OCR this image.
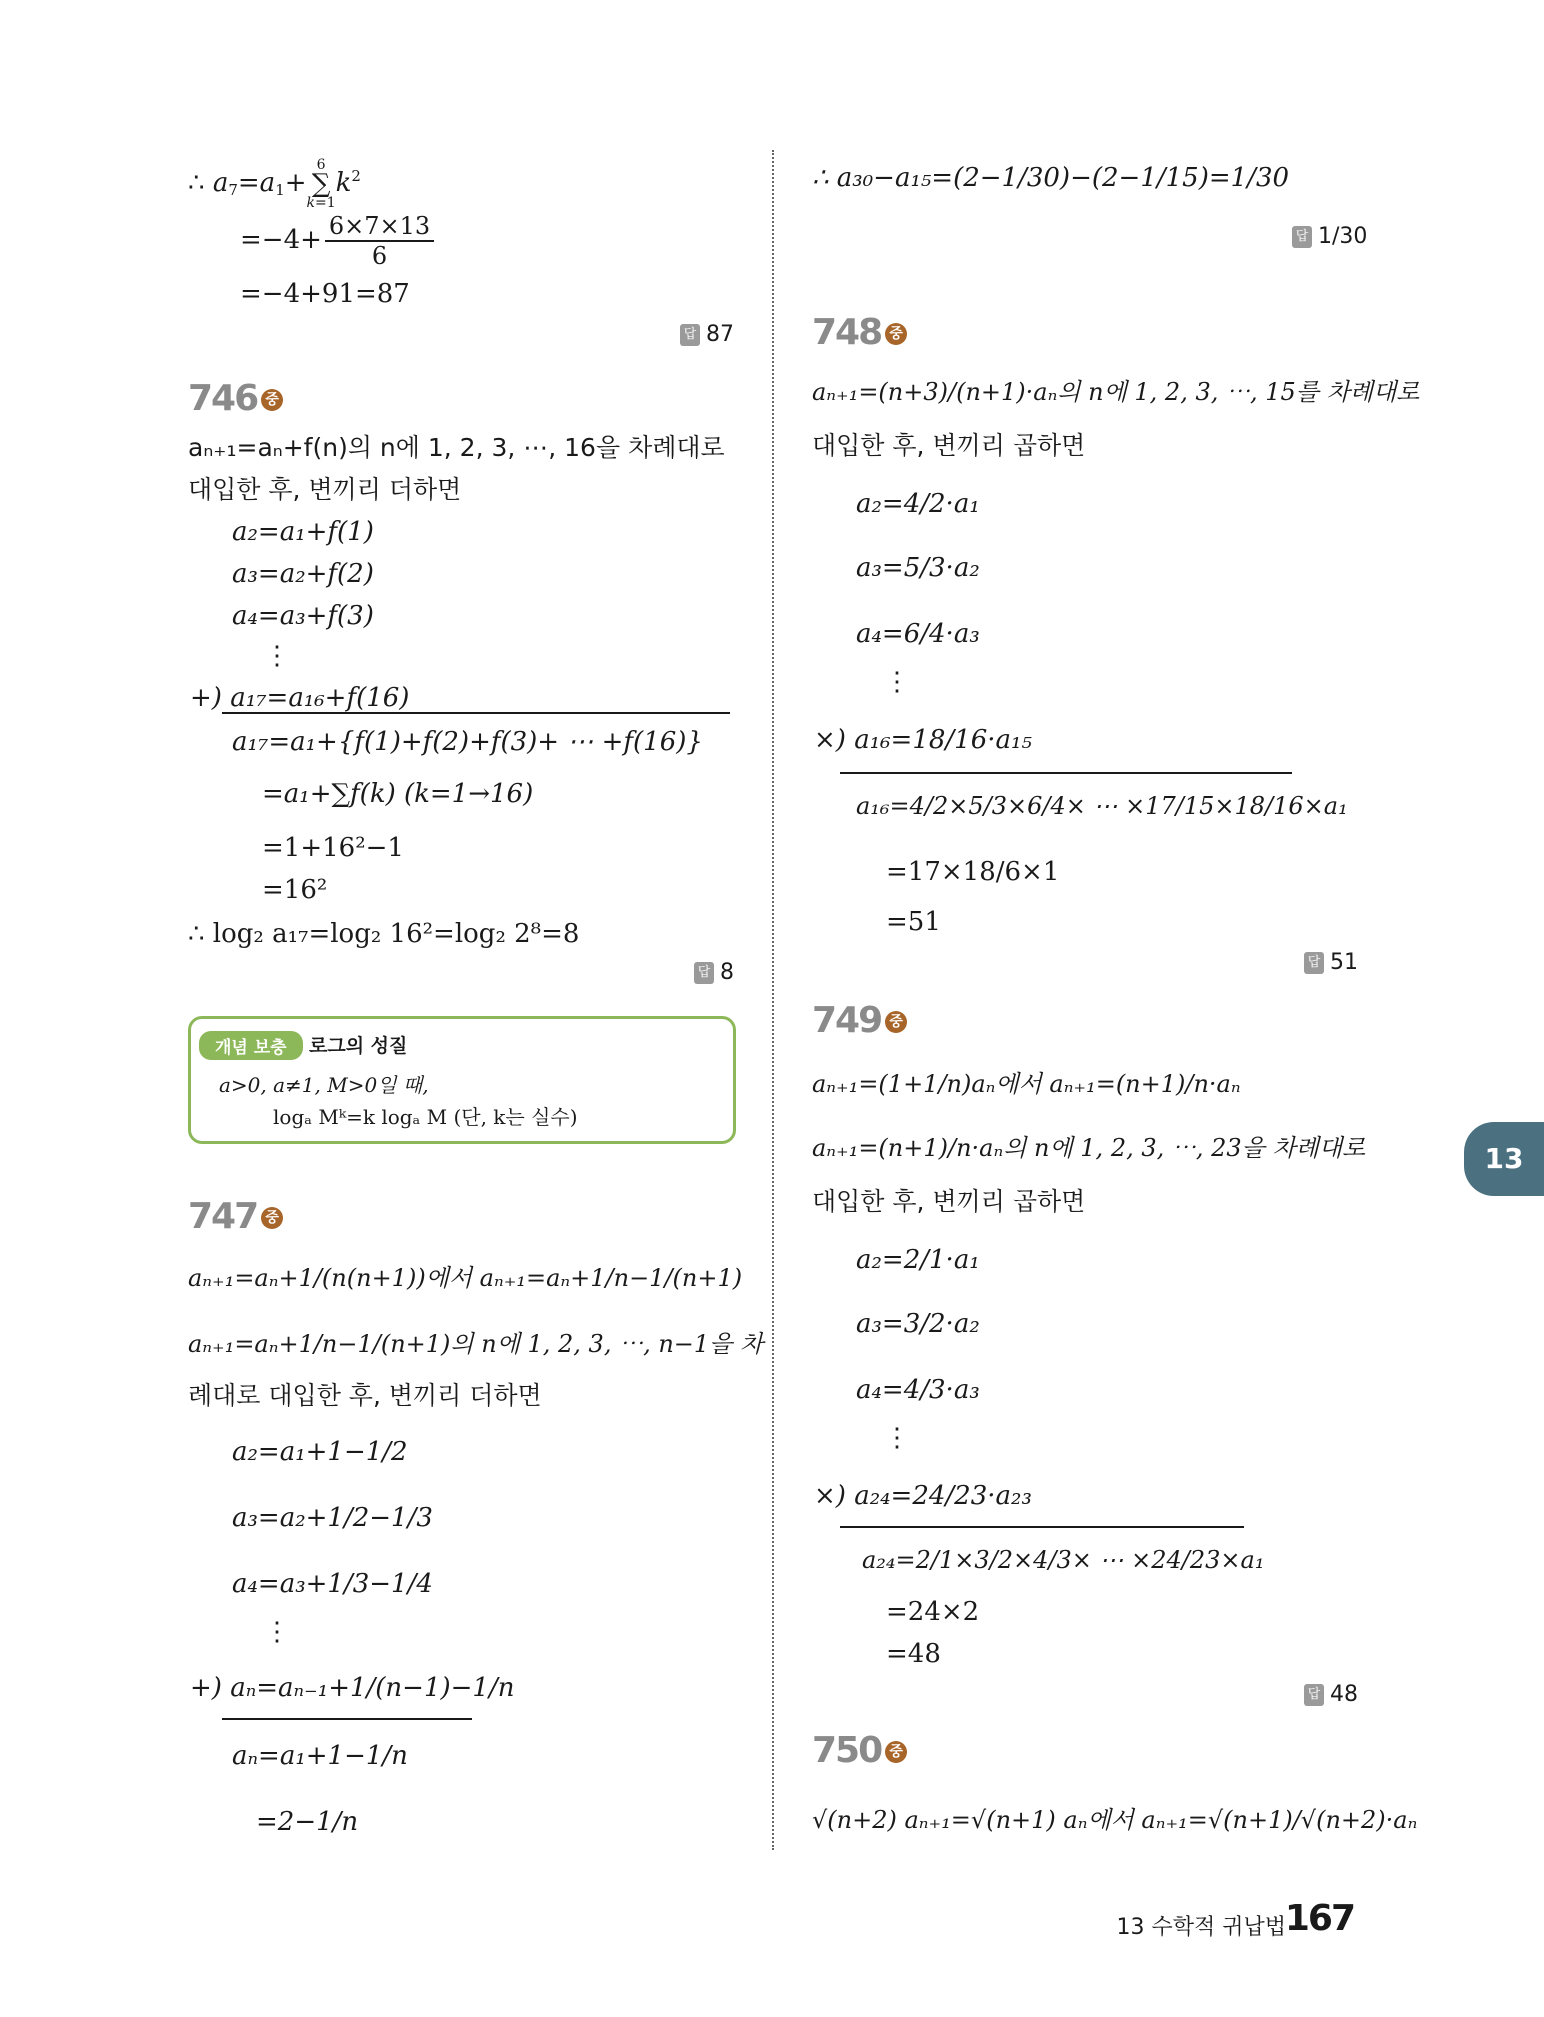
∴ $a_7=a_1+$
6
∑
k=1
$k^2$
$=-4+ \frac{6\times 7\times 13}{6}$
=−4+91=87
답 87
746 중
aₙ₊₁=aₙ+f(n)의 n에 1, 2, 3, ⋯, 16을 차례대로
대입한 후, 변끼리 더하면
a₂=a₁+f(1)
a₃=a₂+f(2)
a₄=a₃+f(3)
⋮
+) a₁₇=a₁₆+f(16)
a₁₇=a₁+{f(1)+f(2)+f(3)+ ⋯ +f(16)}
=a₁+∑f(k) (k=1→16)
=1+16²−1
=16²
∴ log₂ a₁₇=log₂ 16²=log₂ 2⁸=8
답 8
개념 보충	로그의 성질
a>0, a≠1, M>0일 때,
logₐ Mᵏ=k logₐ M (단, k는 실수)
747 중
aₙ₊₁=aₙ+1/(n(n+1))에서 aₙ₊₁=aₙ+1/n−1/(n+1)
aₙ₊₁=aₙ+1/n−1/(n+1)의 n에 1, 2, 3, ⋯, n−1을 차
례대로 대입한 후, 변끼리 더하면
a₂=a₁+1−1/2
a₃=a₂+1/2−1/3
a₄=a₃+1/3−1/4
⋮
+) aₙ=aₙ₋₁+1/(n−1)−1/n
aₙ=a₁+1−1/n
=2−1/n
∴ a₃₀−a₁₅=(2−1/30)−(2−1/15)=1/30
답 1/30
748 중
aₙ₊₁=(n+3)/(n+1)·aₙ의 n에 1, 2, 3, ⋯, 15를 차례대로
대입한 후, 변끼리 곱하면
a₂=4/2·a₁
a₃=5/3·a₂
a₄=6/4·a₃
⋮
×) a₁₆=18/16·a₁₅
a₁₆=4/2×5/3×6/4× ⋯ ×17/15×18/16×a₁
=17×18/6×1
=51
답 51
749 중
aₙ₊₁=(1+1/n)aₙ에서 aₙ₊₁=(n+1)/n·aₙ
aₙ₊₁=(n+1)/n·aₙ의 n에 1, 2, 3, ⋯, 23을 차례대로
대입한 후, 변끼리 곱하면
a₂=2/1·a₁
a₃=3/2·a₂
a₄=4/3·a₃
⋮
×) a₂₄=24/23·a₂₃
a₂₄=2/1×3/2×4/3× ⋯ ×24/23×a₁
=24×2
=48
답 48
750 중
√(n+2) aₙ₊₁=√(n+1) aₙ에서 aₙ₊₁=√(n+1)/√(n+2)·aₙ
13
13 수학적 귀납법
167
